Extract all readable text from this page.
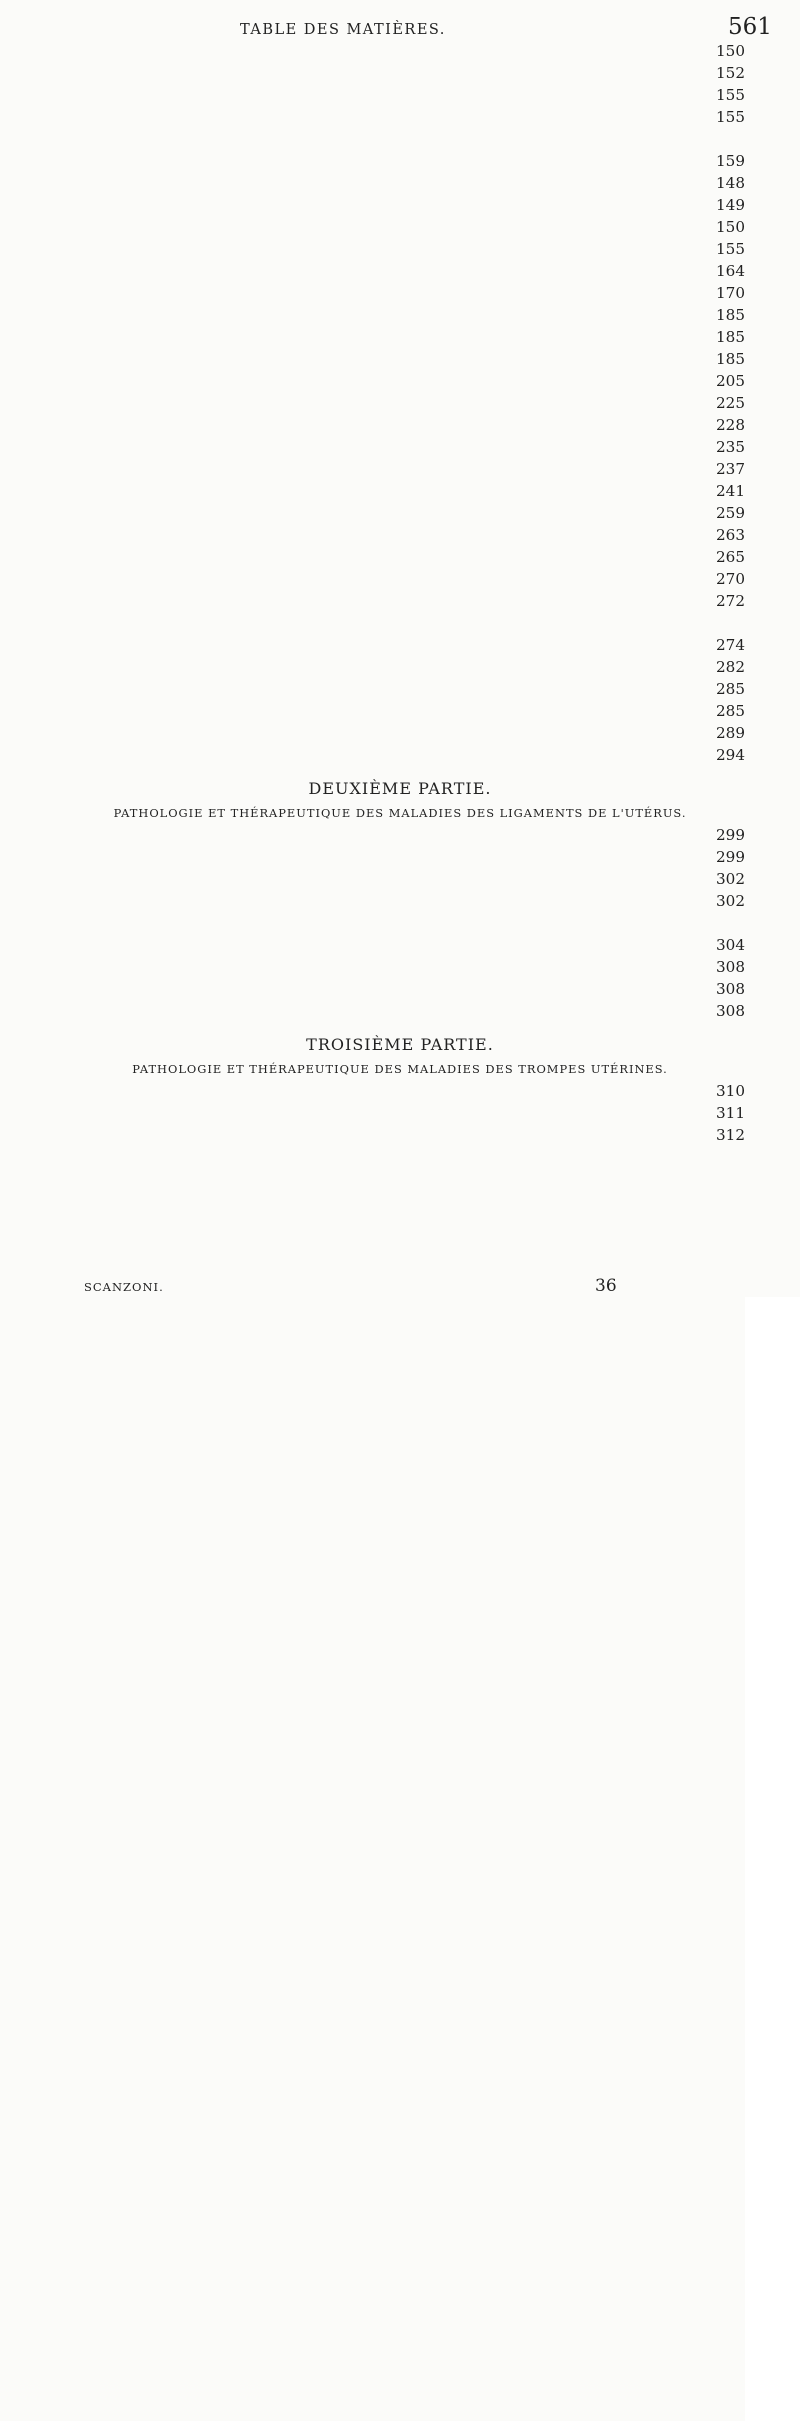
TABLE DES MATIÈRES.	561
150
152
155
155
159
148
149
150
155
164
170
185
185
185
205
225
228
235
237
241
259
263
265
270
272
274
282
285
285
289
294
DEUXIÈME PARTIE.
PATHOLOGIE ET THÉRAPEUTIQUE DES MALADIES DES LIGAMENTS DE L'UTÉRUS.
299
299
302
302
304
308
308
308
TROISIÈME PARTIE.
PATHOLOGIE ET THÉRAPEUTIQUE DES MALADIES DES TROMPES UTÉRINES.
310
311
312
SCANZONI.	36
